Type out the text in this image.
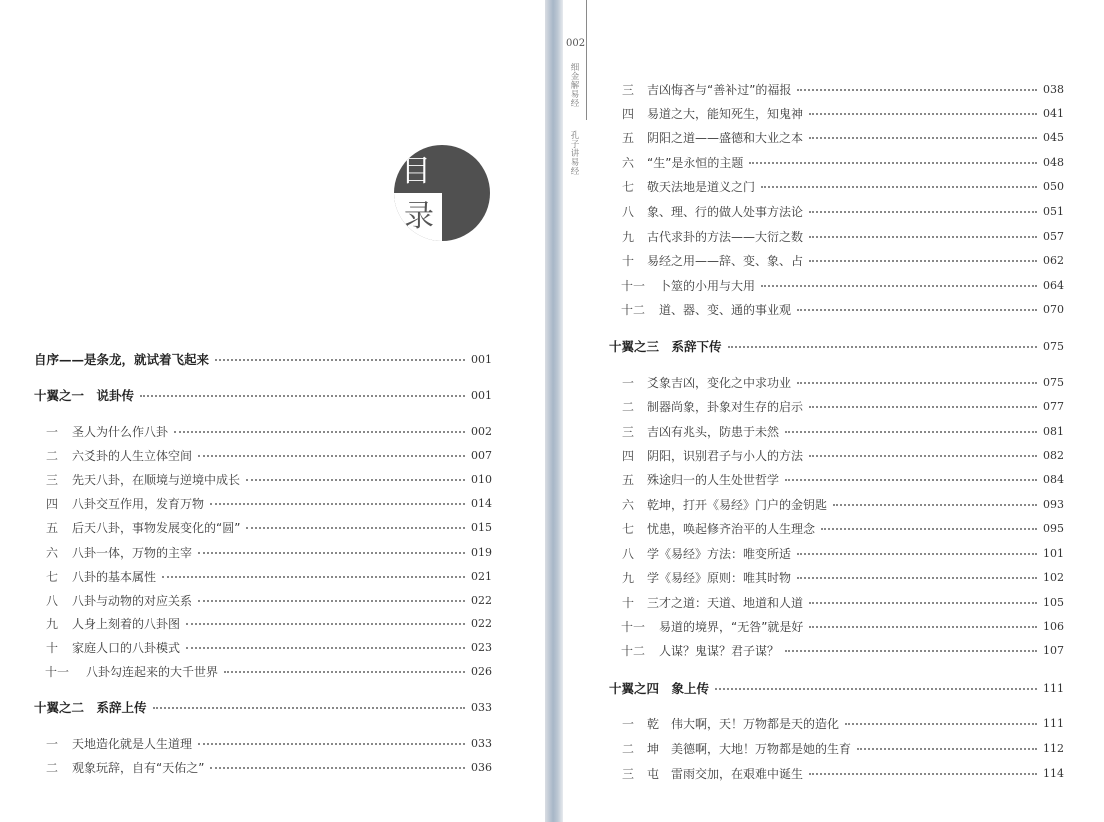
目
录
自序——是条龙，就试着飞起来	001
十翼之一　说卦传	001
一	圣人为什么作八卦	002
二	六爻卦的人生立体空间	007
三	先天八卦，在顺境与逆境中成长	010
四	八卦交互作用，发育万物	014
五	后天八卦，事物发展变化的“圆”	015
六	八卦一体，万物的主宰	019
七	八卦的基本属性	021
八	八卦与动物的对应关系	022
九	人身上刻着的八卦图	022
十	家庭人口的八卦模式	023
十一 八卦勾连起来的大千世界	026
十翼之二　系辞上传	033
一	天地造化就是人生道理	033
二	观象玩辞，自有“天佑之”	036
三	吉凶悔吝与“善补过”的福报	038
四	易道之大，能知死生，知鬼神	041
五	阴阳之道——盛德和大业之本	045
六	“生”是永恒的主题	048
七	敬天法地是道义之门	050
八	象、理、行的做人处事方法论	051
九	古代求卦的方法——大衍之数	057
十	易经之用——辞、变、象、占	062
十一 卜筮的小用与大用	064
十二 道、器、变、通的事业观	070
十翼之三　系辞下传	075
一	爻象吉凶，变化之中求功业	075
二	制器尚象，卦象对生存的启示	077
三	吉凶有兆头，防患于未然	081
四	阴阳，识别君子与小人的方法	082
五	殊途归一的人生处世哲学	084
六	乾坤，打开《易经》门户的金钥匙	093
七	忧患，唤起修齐治平的人生理念	095
八	学《易经》方法：唯变所适	101
九	学《易经》原则：唯其时物	102
十	三才之道：天道、地道和人道	105
十一 易道的境界，“无咎”就是好	106
十二 人谋？鬼谋？君子谋？	107
十翼之四　象上传	111
一	乾　伟大啊，天！万物都是天的造化	111
二	坤　美德啊，大地！万物都是她的生育	112
三	屯　雷雨交加，在艰难中诞生	114
002
细金解易经
孔子讲易经
